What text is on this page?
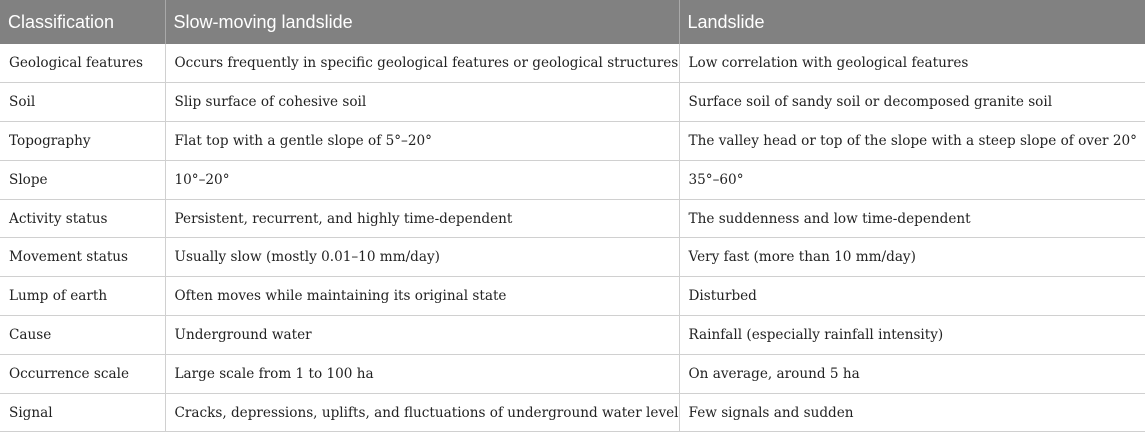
Classification	Slow-moving landslide	Landslide
Geological features	Occurs frequently in specific geological features or geological structures	Low correlation with geological features
Soil	Slip surface of cohesive soil	Surface soil of sandy soil or decomposed granite soil
Topography	Flat top with a gentle slope of 5°–20°	The valley head or top of the slope with a steep slope of over 20°
Slope	10°–20°	35°–60°
Activity status	Persistent, recurrent, and highly time-dependent	The suddenness and low time-dependent
Movement status	Usually slow (mostly 0.01–10 mm/day)	Very fast (more than 10 mm/day)
Lump of earth	Often moves while maintaining its original state	Disturbed
Cause	Underground water	Rainfall (especially rainfall intensity)
Occurrence scale	Large scale from 1 to 100 ha	On average, around 5 ha
Signal	Cracks, depressions, uplifts, and fluctuations of underground water level	Few signals and sudden
